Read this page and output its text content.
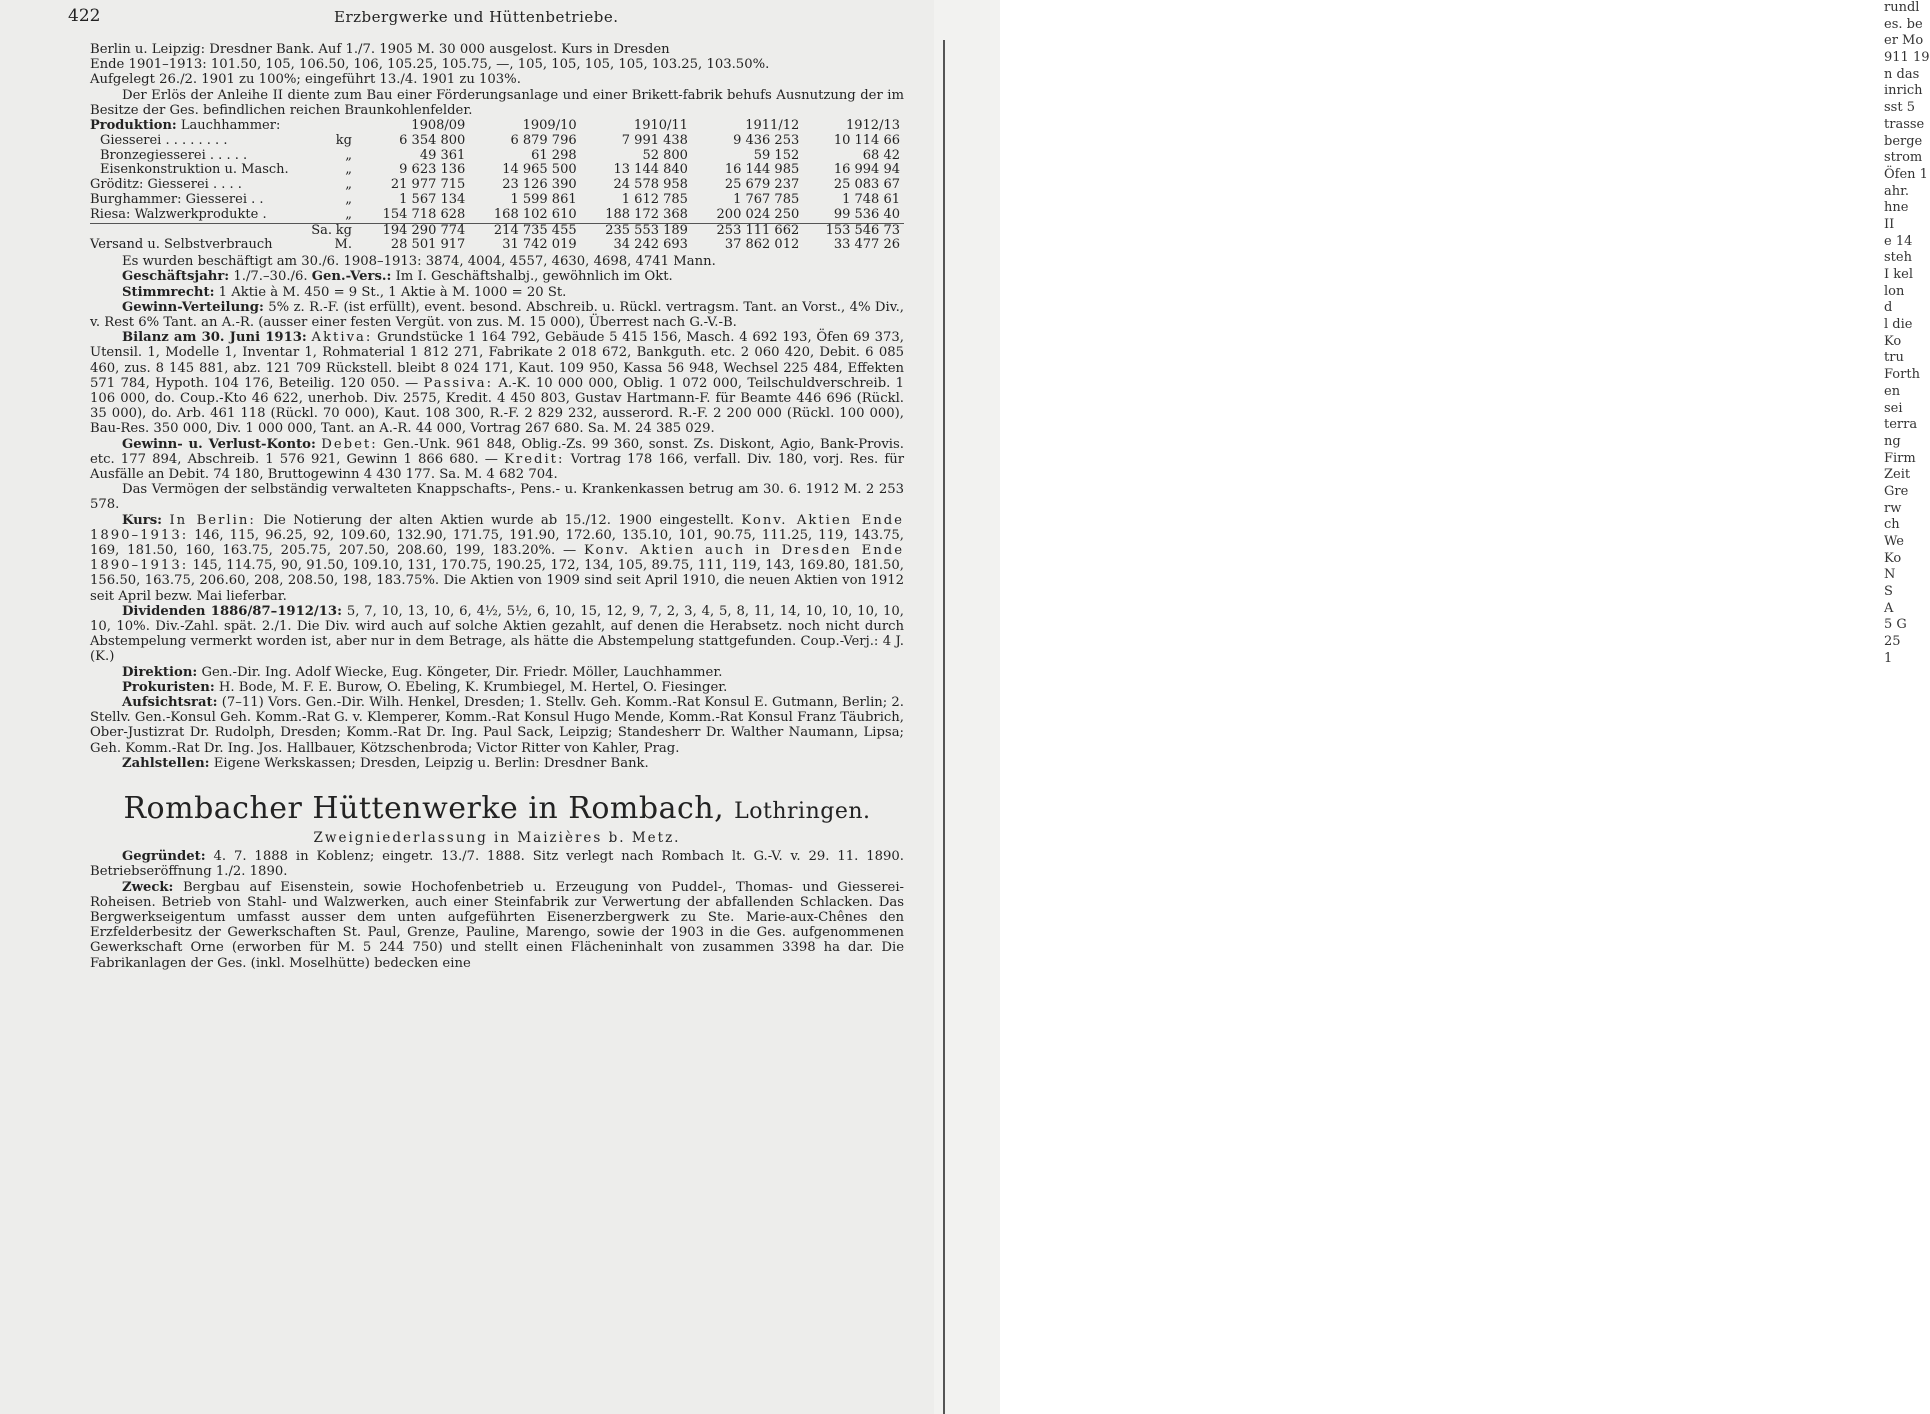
422	Erzbergwerke und Hüttenbetriebe.

Berlin u. Leipzig: Dresdner Bank. Auf 1./7. 1905 M. 30 000 ausgelost. Kurs in Dresden

Ende 1901–1913: 101.50, 105, 106.50, 106, 105.25, 105.75, —, 105, 105, 105, 105, 103.25, 103.50%.

Aufgelegt 26./2. 1901 zu 100%; eingeführt 13./4. 1901 zu 103%.

Der Erlös der Anleihe II diente zum Bau einer Förderungsanlage und einer Brikett-fabrik behufs Ausnutzung der im Besitze der Ges. befindlichen reichen Braunkohlenfelder.

Produktion: Lauchhammer:		1908/09	1909/10	1910/11	1911/12	1912/13
Giesserei . . . . . . . .	kg	6 354 800	6 879 796	7 991 438	9 436 253	10 114 66
Bronzegiesserei . . . . .	„	49 361	61 298	52 800	59 152	68 42
Eisenkonstruktion u. Masch.	„	9 623 136	14 965 500	13 144 840	16 144 985	16 994 94
Gröditz: Giesserei . . . .	„	21 977 715	23 126 390	24 578 958	25 679 237	25 083 67
Burghammer: Giesserei . .	„	1 567 134	1 599 861	1 612 785	1 767 785	1 748 61
Riesa: Walzwerkprodukte .	„	154 718 628	168 102 610	188 172 368	200 024 250	99 536 40
Sa.	kg	194 290 774	214 735 455	235 553 189	253 111 662	153 546 73
Versand u. Selbstverbrauch	M.	28 501 917	31 742 019	34 242 693	37 862 012	33 477 26

Es wurden beschäftigt am 30./6. 1908–1913: 3874, 4004, 4557, 4630, 4698, 4741 Mann.

Geschäftsjahr: 1./7.–30./6. Gen.-Vers.: Im I. Geschäftshalbj., gewöhnlich im Okt.

Stimmrecht: 1 Aktie à M. 450 = 9 St., 1 Aktie à M. 1000 = 20 St.

Gewinn-Verteilung: 5% z. R.-F. (ist erfüllt), event. besond. Abschreib. u. Rückl. vertragsm. Tant. an Vorst., 4% Div., v. Rest 6% Tant. an A.-R. (ausser einer festen Vergüt. von zus. M. 15 000), Überrest nach G.-V.-B.

Bilanz am 30. Juni 1913: Aktiva: Grundstücke 1 164 792, Gebäude 5 415 156, Masch. 4 692 193, Öfen 69 373, Utensil. 1, Modelle 1, Inventar 1, Rohmaterial 1 812 271, Fabrikate 2 018 672, Bankguth. etc. 2 060 420, Debit. 6 085 460, zus. 8 145 881, abz. 121 709 Rückstell. bleibt 8 024 171, Kaut. 109 950, Kassa 56 948, Wechsel 225 484, Effekten 571 784, Hypoth. 104 176, Beteilig. 120 050. — Passiva: A.-K. 10 000 000, Oblig. 1 072 000, Teilschuldverschreib. 1 106 000, do. Coup.-Kto 46 622, unerhob. Div. 2575, Kredit. 4 450 803, Gustav Hartmann-F. für Beamte 446 696 (Rückl. 35 000), do. Arb. 461 118 (Rückl. 70 000), Kaut. 108 300, R.-F. 2 829 232, ausserord. R.-F. 2 200 000 (Rückl. 100 000), Bau-Res. 350 000, Div. 1 000 000, Tant. an A.-R. 44 000, Vortrag 267 680. Sa. M. 24 385 029.

Gewinn- u. Verlust-Konto: Debet: Gen.-Unk. 961 848, Oblig.-Zs. 99 360, sonst. Zs. Diskont, Agio, Bank-Provis. etc. 177 894, Abschreib. 1 576 921, Gewinn 1 866 680. — Kredit: Vortrag 178 166, verfall. Div. 180, vorj. Res. für Ausfälle an Debit. 74 180, Bruttogewinn 4 430 177. Sa. M. 4 682 704.

Das Vermögen der selbständig verwalteten Knappschafts-, Pens.- u. Krankenkassen betrug am 30. 6. 1912 M. 2 253 578.

Kurs: In Berlin: Die Notierung der alten Aktien wurde ab 15./12. 1900 eingestellt. Konv. Aktien Ende 1890–1913: 146, 115, 96.25, 92, 109.60, 132.90, 171.75, 191.90, 172.60, 135.10, 101, 90.75, 111.25, 119, 143.75, 169, 181.50, 160, 163.75, 205.75, 207.50, 208.60, 199, 183.20%. — Konv. Aktien auch in Dresden Ende 1890–1913: 145, 114.75, 90, 91.50, 109.10, 131, 170.75, 190.25, 172, 134, 105, 89.75, 111, 119, 143, 169.80, 181.50, 156.50, 163.75, 206.60, 208, 208.50, 198, 183.75%. Die Aktien von 1909 sind seit April 1910, die neuen Aktien von 1912 seit April bezw. Mai lieferbar.

Dividenden 1886/87–1912/13: 5, 7, 10, 13, 10, 6, 4½, 5½, 6, 10, 15, 12, 9, 7, 2, 3, 4, 5, 8, 11, 14, 10, 10, 10, 10, 10, 10%. Div.-Zahl. spät. 2./1. Die Div. wird auch auf solche Aktien gezahlt, auf denen die Herabsetz. noch nicht durch Abstempelung vermerkt worden ist, aber nur in dem Betrage, als hätte die Abstempelung stattgefunden. Coup.-Verj.: 4 J. (K.)

Direktion: Gen.-Dir. Ing. Adolf Wiecke, Eug. Köngeter, Dir. Friedr. Möller, Lauchhammer.

Prokuristen: H. Bode, M. F. E. Burow, O. Ebeling, K. Krumbiegel, M. Hertel, O. Fiesinger.

Aufsichtsrat: (7–11) Vors. Gen.-Dir. Wilh. Henkel, Dresden; 1. Stellv. Geh. Komm.-Rat Konsul E. Gutmann, Berlin; 2. Stellv. Gen.-Konsul Geh. Komm.-Rat G. v. Klemperer, Komm.-Rat Konsul Hugo Mende, Komm.-Rat Konsul Franz Täubrich, Ober-Justizrat Dr. Rudolph, Dresden; Komm.-Rat Dr. Ing. Paul Sack, Leipzig; Standesherr Dr. Walther Naumann, Lipsa; Geh. Komm.-Rat Dr. Ing. Jos. Hallbauer, Kötzschenbroda; Victor Ritter von Kahler, Prag.

Zahlstellen: Eigene Werkskassen; Dresden, Leipzig u. Berlin: Dresdner Bank.

Rombacher Hüttenwerke in Rombach, Lothringen.
Zweigniederlassung in Maizières b. Metz.

Gegründet: 4. 7. 1888 in Koblenz; eingetr. 13./7. 1888. Sitz verlegt nach Rombach lt. G.-V. v. 29. 11. 1890. Betriebseröffnung 1./2. 1890.

Zweck: Bergbau auf Eisenstein, sowie Hochofenbetrieb u. Erzeugung von Puddel-, Thomas- und Giesserei-Roheisen. Betrieb von Stahl- und Walzwerken, auch einer Steinfabrik zur Verwertung der abfallenden Schlacken. Das Bergwerkseigentum umfasst ausser dem unten aufgeführten Eisenerzbergwerk zu Ste. Marie-aux-Chênes den Erzfelderbesitz der Gewerkschaften St. Paul, Grenze, Pauline, Marengo, sowie der 1903 in die Ges. aufgenommenen Gewerkschaft Orne (erworben für M. 5 244 750) und stellt einen Flächeninhalt von zusammen 3398 ha dar. Die Fabrikanlagen der Ges. (inkl. Moselhütte) bedecken eine

rundl
es. be
er Mo
911 19
n das
inrich
sst 5
trasse
berge
strom
Öfen 1
ahr.
hne
II
e 14
steh
I kel
lon
d
l die
Ko
tru
Forth
en
sei
terra
ng
Firm
Zeit
Gre
rw
ch
We
Ko
N
S
A
5 G
25
1
